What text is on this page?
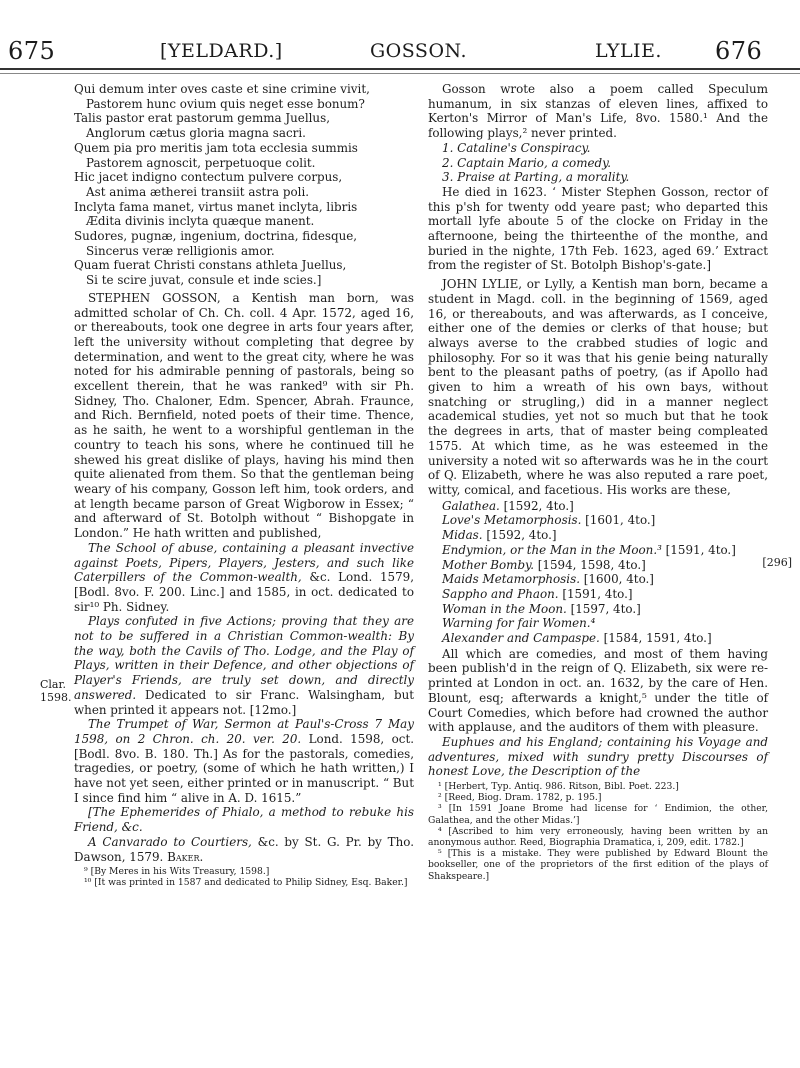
675	[YELDARD.]	GOSSON.	LYLIE. 676
Clar. 1598.
[296]

Qui demum inter oves caste et sine crimine vivit,

Pastorem hunc ovium quis neget esse bonum?

Talis pastor erat pastorum gemma Juellus,

Anglorum cætus gloria magna sacri.

Quem pia pro meritis jam tota ecclesia summis

Pastorem agnoscit, perpetuoque colit.

Hic jacet indigno contectum pulvere corpus,

Ast anima ætherei transiit astra poli.

Inclyta fama manet, virtus manet inclyta, libris

Ædita divinis inclyta quæque manent.

Sudores, pugnæ, ingenium, doctrina, fidesque,

Sincerus veræ relligionis amor.

Quam fuerat Christi constans athleta Juellus,

Si te scire juvat, consule et inde scies.]

STEPHEN GOSSON, a Kentish man born, was admitted scholar of Ch. Ch. coll. 4 Apr. 1572, aged 16, or thereabouts, took one degree in arts four years after, left the university without completing that degree by determination, and went to the great city, where he was noted for his admirable penning of pastorals, being so excellent therein, that he was ranked⁹ with sir Ph. Sidney, Tho. Chaloner, Edm. Spencer, Abrah. Fraunce, and Rich. Bernfield, noted poets of their time. Thence, as he saith, he went to a worshipful gentleman in the country to teach his sons, where he continued till he shewed his great dislike of plays, having his mind then quite alienated from them. So that the gentleman being weary of his company, Gosson left him, took orders, and at length became parson of Great Wigborow in Essex; “ and afterward of St. Botolph without “ Bishopgate in London.” He hath written and published,

The School of abuse, containing a pleasant invective against Poets, Pipers, Players, Jesters, and such like Caterpillers of the Common-wealth, &c. Lond. 1579, [Bodl. 8vo. F. 200. Linc.] and 1585, in oct. dedicated to sir¹⁰ Ph. Sidney.

Plays confuted in five Actions; proving that they are not to be suffered in a Christian Common-wealth: By the way, both the Cavils of Tho. Lodge, and the Play of Plays, written in their Defence, and other objections of Player's Friends, are truly set down, and directly answered. Dedicated to sir Franc. Walsingham, but when printed it appears not. [12mo.]

The Trumpet of War, Sermon at Paul's-Cross 7 May 1598, on 2 Chron. ch. 20. ver. 20. Lond. 1598, oct. [Bodl. 8vo. B. 180. Th.] As for the pastorals, comedies, tragedies, or poetry, (some of which he hath written,) I have not yet seen, either printed or in manuscript. “ But I since find him “ alive in A. D. 1615.”

[The Ephemerides of Phialo, a method to rebuke his Friend, &c.

A Canvarado to Courtiers, &c. by St. G. Pr. by Tho. Dawson, 1579. Baker.

⁹ [By Meres in his Wits Treasury, 1598.]

¹⁰ [It was printed in 1587 and dedicated to Philip Sidney, Esq. Baker.]

Gosson wrote also a poem called Speculum humanum, in six stanzas of eleven lines, affixed to Kerton's Mirror of Man's Life, 8vo. 1580.¹ And the following plays,² never printed.

1. Cataline's Conspiracy.

2. Captain Mario, a comedy.

3. Praise at Parting, a morality.

He died in 1623. ‘ Mister Stephen Gosson, rector of this p'sh for twenty odd yeare past; who departed this mortall lyfe aboute 5 of the clocke on Friday in the afternoone, being the thirteenthe of the monthe, and buried in the nighte, 17th Feb. 1623, aged 69.’ Extract from the register of St. Botolph Bishop's-gate.]

JOHN LYLIE, or Lylly, a Kentish man born, became a student in Magd. coll. in the beginning of 1569, aged 16, or thereabouts, and was afterwards, as I conceive, either one of the demies or clerks of that house; but always averse to the crabbed studies of logic and philosophy. For so it was that his genie being naturally bent to the pleasant paths of poetry, (as if Apollo had given to him a wreath of his own bays, without snatching or strugling,) did in a manner neglect academical studies, yet not so much but that he took the degrees in arts, that of master being compleated 1575. At which time, as he was esteemed in the university a noted wit so afterwards was he in the court of Q. Elizabeth, where he was also reputed a rare poet, witty, comical, and facetious. His works are these,

Galathea. [1592, 4to.]

Love's Metamorphosis. [1601, 4to.]

Midas. [1592, 4to.]

Endymion, or the Man in the Moon.³ [1591, 4to.]

Mother Bomby. [1594, 1598, 4to.]

Maids Metamorphosis. [1600, 4to.]

Sappho and Phaon. [1591, 4to.]

Woman in the Moon. [1597, 4to.]

Warning for fair Women.⁴

Alexander and Campaspe. [1584, 1591, 4to.]

All which are comedies, and most of them having been publish'd in the reign of Q. Elizabeth, six were re-printed at London in oct. an. 1632, by the care of Hen. Blount, esq; afterwards a knight,⁵ under the title of Court Comedies, which before had crowned the author with applause, and the auditors of them with pleasure.

Euphues and his England; containing his Voyage and adventures, mixed with sundry pretty Discourses of honest Love, the Description of the

¹ [Herbert, Typ. Antiq. 986. Ritson, Bibl. Poet. 223.]

² [Reed, Biog. Dram. 1782, p. 195.]

³ [In 1591 Joane Brome had license for ‘ Endimion, the other, Galathea, and the other Midas.’]

⁴ [Ascribed to him very erroneously, having been written by an anonymous author. Reed, Biographia Dramatica, i, 209, edit. 1782.]

⁵ [This is a mistake. They were published by Edward Blount the bookseller, one of the proprietors of the first edition of the plays of Shakspeare.]
